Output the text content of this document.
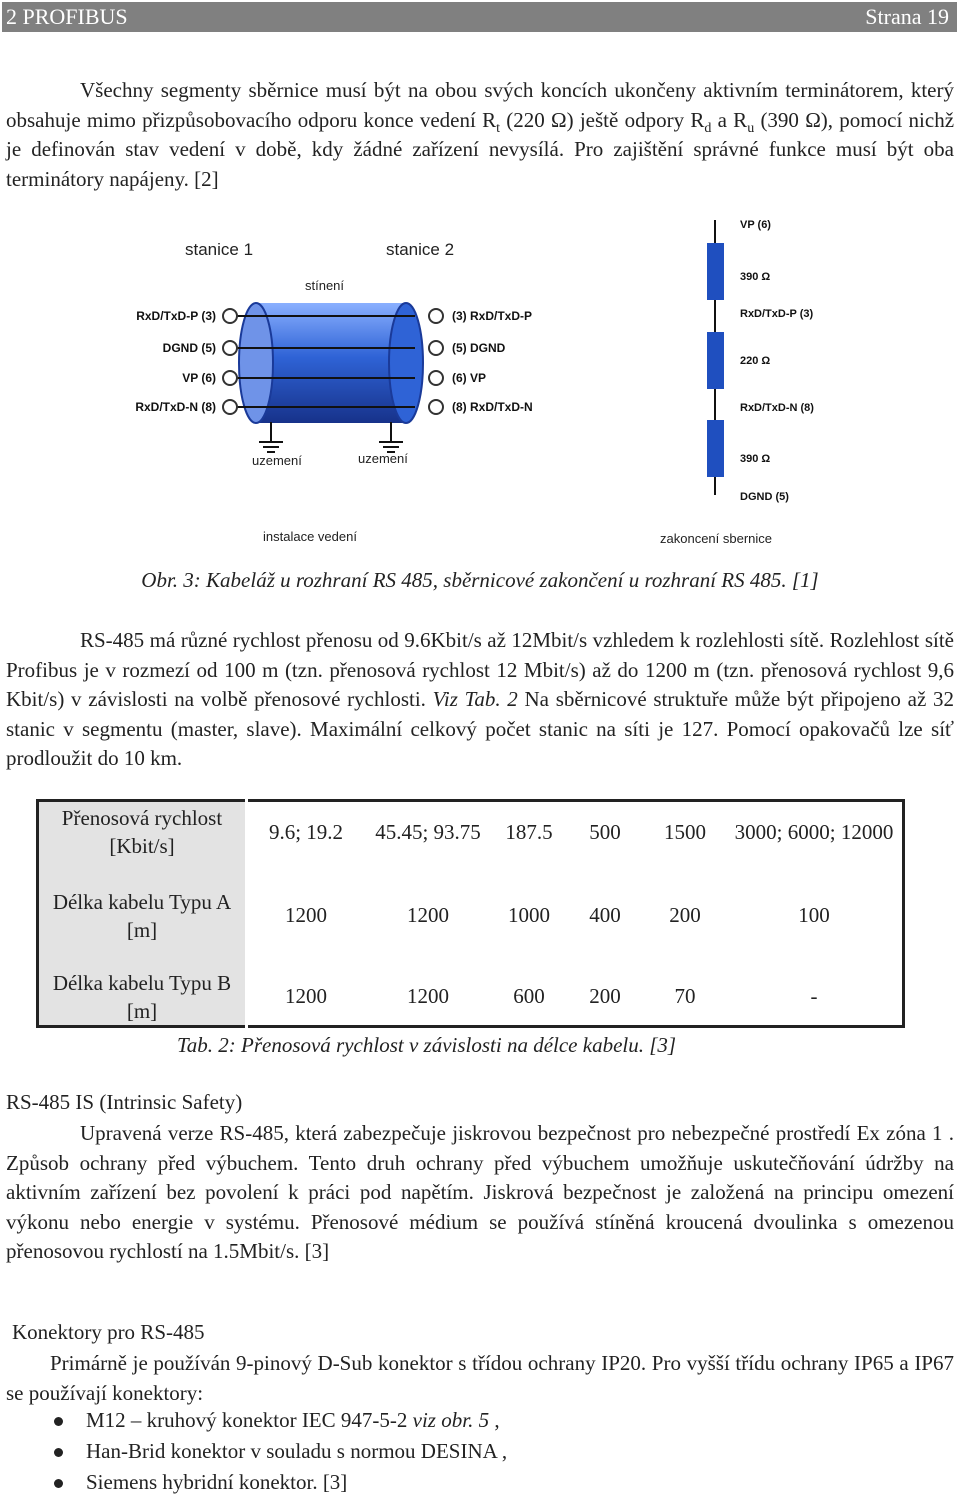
2 PROFIBUS	Strana 19

Všechny segmenty sběrnice musí být na obou svých koncích ukončeny aktivním terminátorem, který obsahuje mimo přizpůsobovacího odporu konce vedení $R_t$ (220 Ω) ještě odpory $R_d$ a $R_u$ (390 Ω), pomocí nichž je definován stav vedení v době, kdy žádné zařízení nevysílá. Pro zajištění správné funkce musí být oba terminátory napájeny. [2]

stanice 1	stanice 2
stínení
RxD/TxD-P (3)
DGND (5)
VP (6)
RxD/TxD-N (8)
(3) RxD/TxD-P
(5) DGND
(6) VP
(8) RxD/TxD-N
uzemení	uzemení
instalace vedení
VP (6)
390 Ω
RxD/TxD-P (3)
220 Ω
RxD/TxD-N (8)
390 Ω
DGND (5)
zakoncení sbernice
Obr. 3: Kabeláž u rozhraní RS 485, sběrnicové zakončení u rozhraní RS 485. [1]

RS-485 má různé rychlost přenosu od 9.6Kbit/s až 12Mbit/s vzhledem k rozlehlosti sítě. Rozlehlost sítě Profibus je v rozmezí od 100 m (tzn. přenosová rychlost 12 Mbit/s) až do 1200 m (tzn. přenosová rychlost 9,6 Kbit/s) v závislosti na volbě přenosové rychlosti. Viz Tab. 2 Na sběrnicové struktuře může být připojeno až 32 stanic v segmentu (master, slave). Maximální celkový počet stanic na síti je 127. Pomocí opakovačů lze síť prodloužit do 10 km.

Přenosová rychlost [Kbit/s]	9.6; 19.2	45.45; 93.75	187.5	500	1500	3000; 6000; 12000
Délka kabelu Typu A [m]	1200	1200	1000	400	200	100
Délka kabelu Typu B [m]	1200	1200	600	200	70	-
Tab. 2: Přenosová rychlost v závislosti na délce kabelu. [3]
RS-485 IS (Intrinsic Safety)

Upravená verze RS-485, která zabezpečuje jiskrovou bezpečnost pro nebezpečné prostředí Ex zóna 1 . Způsob ochrany před výbuchem. Tento druh ochrany před výbuchem umožňuje uskutečňování údržby na aktivním zařízení bez povolení k práci pod napětím. Jiskrová bezpečnost je založená na principu omezení výkonu nebo energie v systému. Přenosové médium se používá stíněná kroucená dvoulinka s omezenou přenosovou rychlostí na 1.5Mbit/s. [3]

Konektory pro RS-485

Primárně je používán 9-pinový D-Sub konektor s třídou ochrany IP20. Pro vyšší třídu ochrany IP65 a IP67 se používají konektory:

M12 – kruhový konektor IEC 947-5-2 viz obr. 5 ,
Han-Brid konektor v souladu s normou DESINA ,
Siemens hybridní konektor. [3]
